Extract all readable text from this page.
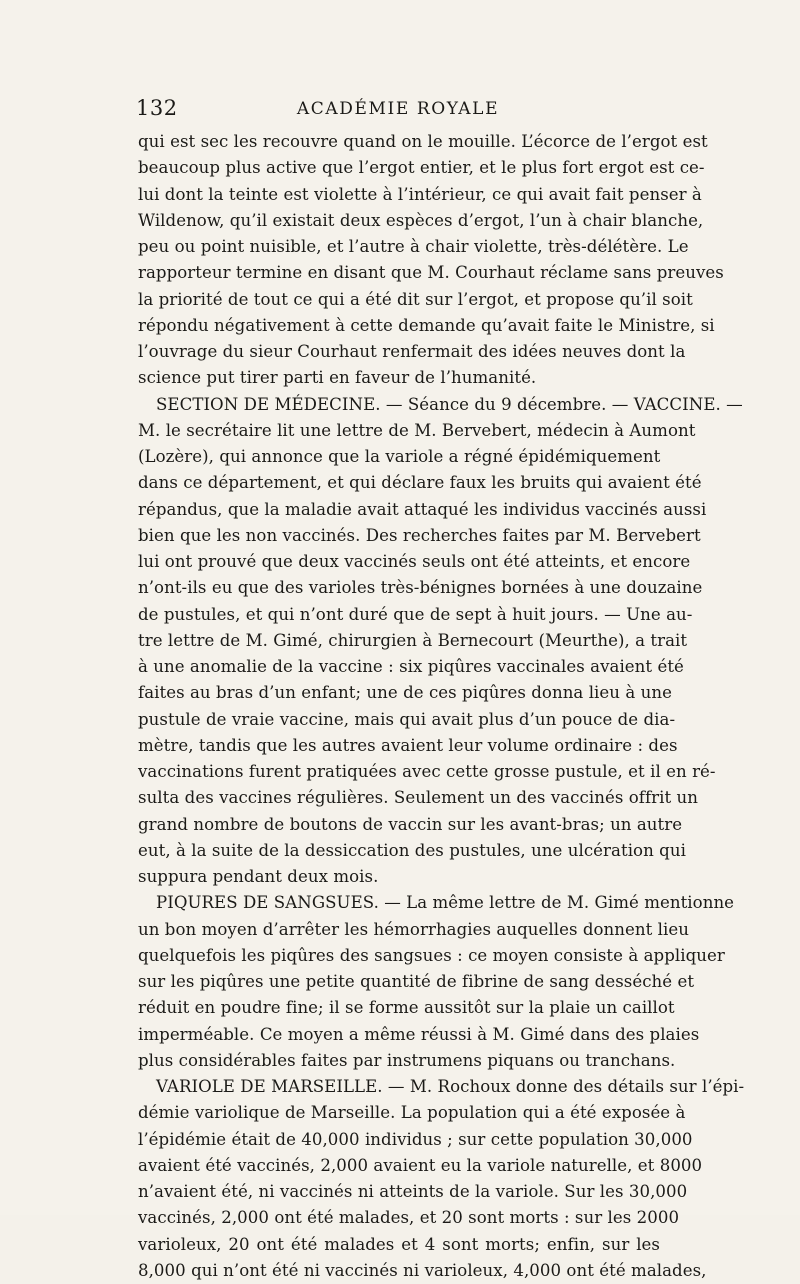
132	ACADÉMIE ROYALE
qui est sec les recouvre quand on le mouille. L’écorce de l’ergot est
beaucoup plus active que l’ergot entier, et le plus fort ergot est ce-
lui dont la teinte est violette à l’intérieur, ce qui avait fait penser à
Wildenow, qu’il existait deux espèces d’ergot, l’un à chair blanche,
peu ou point nuisible, et l’autre à chair violette, très-délétère. Le
rapporteur termine en disant que M. Courhaut réclame sans preuves
la priorité de tout ce qui a été dit sur l’ergot, et propose qu’il soit
répondu négativement à cette demande qu’avait faite le Ministre, si
l’ouvrage du sieur Courhaut renfermait des idées neuves dont la
science put tirer parti en faveur de l’humanité.
SECTION DE MÉDECINE. — Séance du 9 décembre. — VACCINE. —
M. le secrétaire lit une lettre de M. Bervebert, médecin à Aumont
(Lozère), qui annonce que la variole a régné épidémiquement
dans ce département, et qui déclare faux les bruits qui avaient été
répandus, que la maladie avait attaqué les individus vaccinés aussi
bien que les non vaccinés. Des recherches faites par M. Bervebert
lui ont prouvé que deux vaccinés seuls ont été atteints, et encore
n’ont-ils eu que des varioles très-bénignes bornées à une douzaine
de pustules, et qui n’ont duré que de sept à huit jours. — Une au-
tre lettre de M. Gimé, chirurgien à Bernecourt (Meurthe), a trait
à une anomalie de la vaccine : six piqûres vaccinales avaient été
faites au bras d’un enfant; une de ces piqûres donna lieu à une
pustule de vraie vaccine, mais qui avait plus d’un pouce de dia-
mètre, tandis que les autres avaient leur volume ordinaire : des
vaccinations furent pratiquées avec cette grosse pustule, et il en ré-
sulta des vaccines régulières. Seulement un des vaccinés offrit un
grand nombre de boutons de vaccin sur les avant-bras; un autre
eut, à la suite de la dessiccation des pustules, une ulcération qui
suppura pendant deux mois.
PIQURES DE SANGSUES. — La même lettre de M. Gimé mentionne
un bon moyen d’arrêter les hémorrhagies auquelles donnent lieu
quelquefois les piqûres des sangsues : ce moyen consiste à appliquer
sur les piqûres une petite quantité de fibrine de sang desséché et
réduit en poudre fine; il se forme aussitôt sur la plaie un caillot
imperméable. Ce moyen a même réussi à M. Gimé dans des plaies
plus considérables faites par instrumens piquans ou tranchans.
VARIOLE DE MARSEILLE. — M. Rochoux donne des détails sur l’épi-
démie variolique de Marseille. La population qui a été exposée à
l’épidémie était de 40,000 individus ; sur cette population 30,000
avaient été vaccinés, 2,000 avaient eu la variole naturelle, et 8000
n’avaient été, ni vaccinés ni atteints de la variole. Sur les 30,000
vaccinés, 2,000 ont été malades, et 20 sont morts : sur les 2000
varioleux, 20 ont été malades et 4 sont morts; enfin, sur les
8,000 qui n’ont été ni vaccinés ni varioleux, 4,000 ont été malades,
